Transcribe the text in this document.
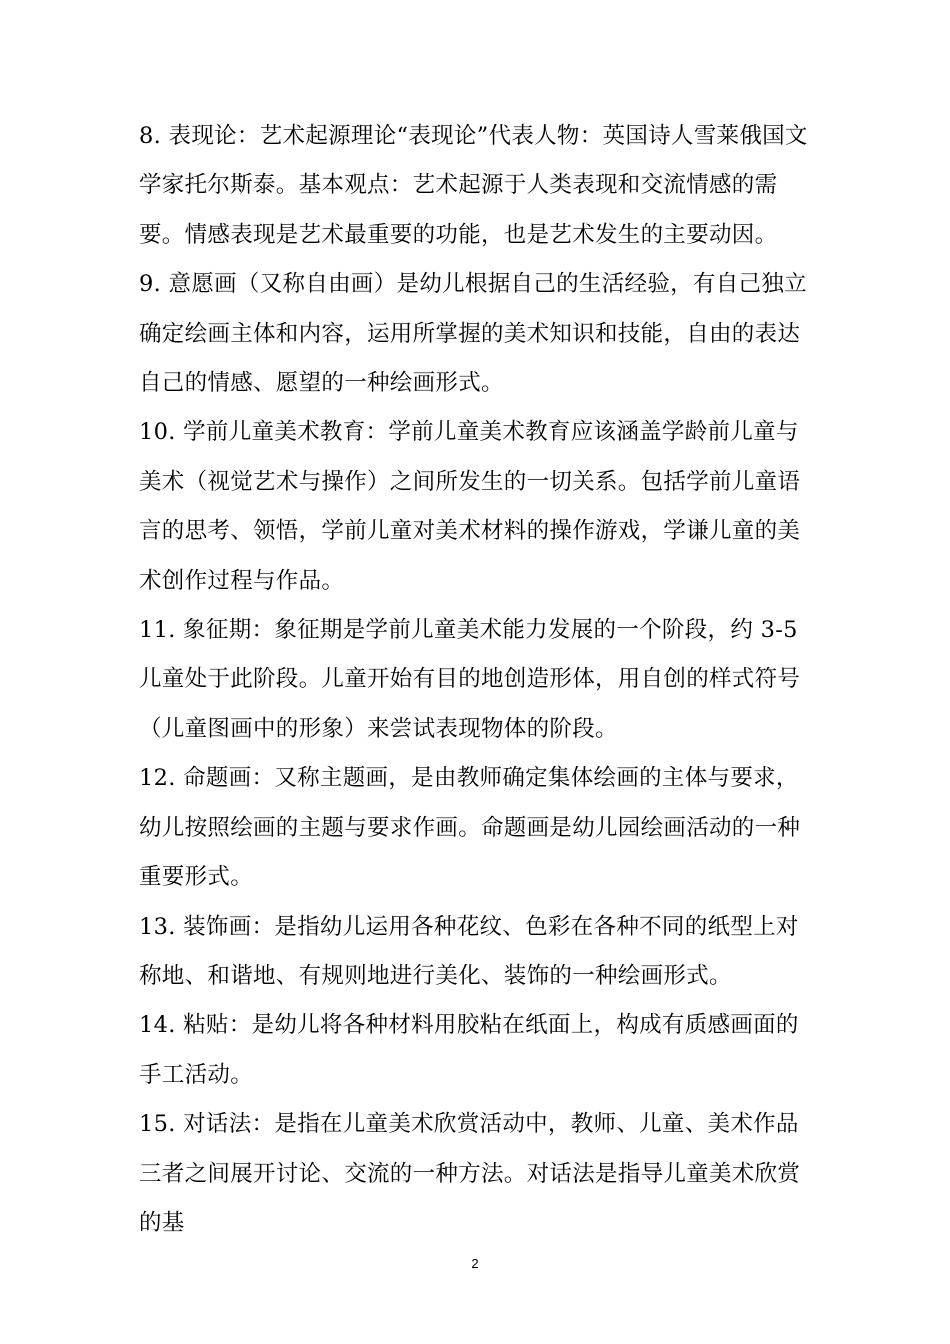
8. 表现论：艺术起源理论“表现论”代表人物：英国诗人雪莱俄国文学家托尔斯泰。基本观点：艺术起源于人类表现和交流情感的需要。情感表现是艺术最重要的功能，也是艺术发生的主要动因。

9. 意愿画（又称自由画）是幼儿根据自己的生活经验，有自己独立确定绘画主体和内容，运用所掌握的美术知识和技能，自由的表达自己的情感、愿望的一种绘画形式。

10. 学前儿童美术教育：学前儿童美术教育应该涵盖学龄前儿童与美术（视觉艺术与操作）之间所发生的一切关系。包括学前儿童语言的思考、领悟，学前儿童对美术材料的操作游戏，学谦儿童的美术创作过程与作品。

11. 象征期：象征期是学前儿童美术能力发展的一个阶段，约 3-5 儿童处于此阶段。儿童开始有目的地创造形体，用自创的样式符号（儿童图画中的形象）来尝试表现物体的阶段。

12. 命题画：又称主题画，是由教师确定集体绘画的主体与要求，幼儿按照绘画的主题与要求作画。命题画是幼儿园绘画活动的一种重要形式。

13. 装饰画：是指幼儿运用各种花纹、色彩在各种不同的纸型上对称地、和谐地、有规则地进行美化、装饰的一种绘画形式。

14. 粘贴：是幼儿将各种材料用胶粘在纸面上，构成有质感画面的手工活动。

15. 对话法：是指在儿童美术欣赏活动中，教师、儿童、美术作品三者之间展开讨论、交流的一种方法。对话法是指导儿童美术欣赏的基

2
